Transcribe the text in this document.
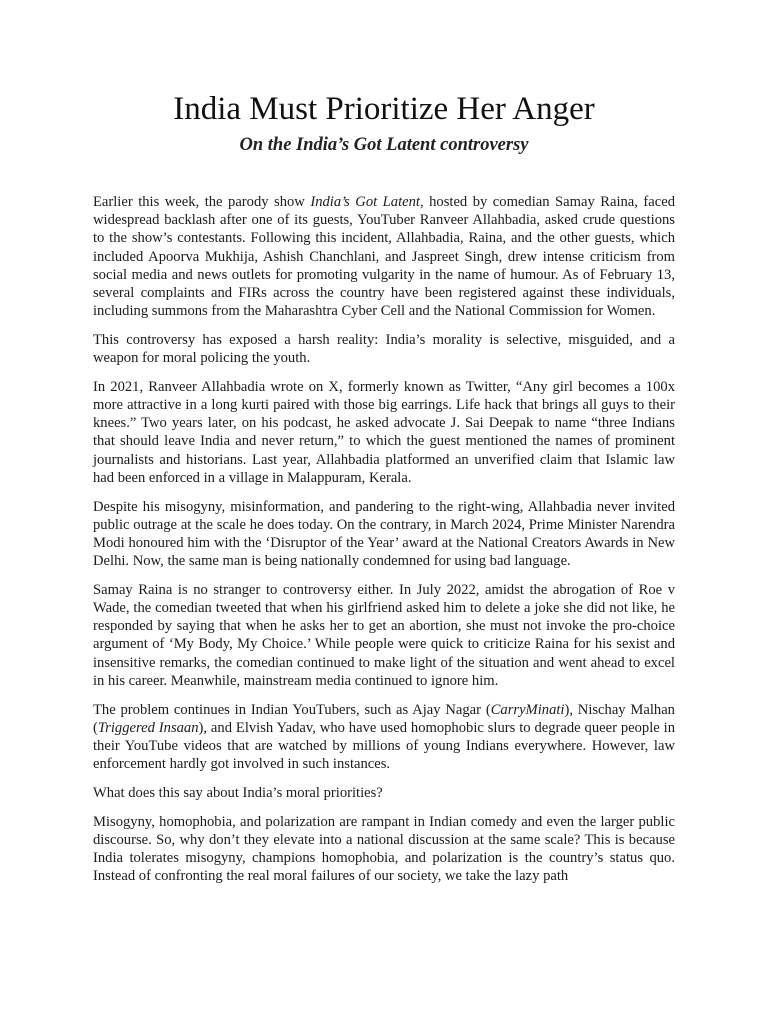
India Must Prioritize Her Anger
On the India’s Got Latent controversy

Earlier this week, the parody show India’s Got Latent, hosted by comedian Samay Raina, faced widespread backlash after one of its guests, YouTuber Ranveer Allahbadia, asked crude questions to the show’s contestants. Following this incident, Allahbadia, Raina, and the other guests, which included Apoorva Mukhija, Ashish Chanchlani, and Jaspreet Singh, drew intense criticism from social media and news outlets for promoting vulgarity in the name of humour. As of February 13, several complaints and FIRs across the country have been registered against these individuals, including summons from the Maharashtra Cyber Cell and the National Commission for Women.

This controversy has exposed a harsh reality: India’s morality is selective, misguided, and a weapon for moral policing the youth.

In 2021, Ranveer Allahbadia wrote on X, formerly known as Twitter, “Any girl becomes a 100x more attractive in a long kurti paired with those big earrings. Life hack that brings all guys to their knees.” Two years later, on his podcast, he asked advocate J. Sai Deepak to name “three Indians that should leave India and never return,” to which the guest mentioned the names of prominent journalists and historians. Last year, Allahbadia platformed an unverified claim that Islamic law had been enforced in a village in Malappuram, Kerala.

Despite his misogyny, misinformation, and pandering to the right-wing, Allahbadia never invited public outrage at the scale he does today. On the contrary, in March 2024, Prime Minister Narendra Modi honoured him with the ‘Disruptor of the Year’ award at the National Creators Awards in New Delhi. Now, the same man is being nationally condemned for using bad language.

Samay Raina is no stranger to controversy either. In July 2022, amidst the abrogation of Roe v Wade, the comedian tweeted that when his girlfriend asked him to delete a joke she did not like, he responded by saying that when he asks her to get an abortion, she must not invoke the pro-choice argument of ‘My Body, My Choice.’ While people were quick to criticize Raina for his sexist and insensitive remarks, the comedian continued to make light of the situation and went ahead to excel in his career. Meanwhile, mainstream media continued to ignore him.

The problem continues in Indian YouTubers, such as Ajay Nagar (CarryMinati), Nischay Malhan (Triggered Insaan), and Elvish Yadav, who have used homophobic slurs to degrade queer people in their YouTube videos that are watched by millions of young Indians everywhere. However, law enforcement hardly got involved in such instances.

What does this say about India’s moral priorities?

Misogyny, homophobia, and polarization are rampant in Indian comedy and even the larger public discourse. So, why don’t they elevate into a national discussion at the same scale? This is because India tolerates misogyny, champions homophobia, and polarization is the country’s status quo. Instead of confronting the real moral failures of our society, we take the lazy path
